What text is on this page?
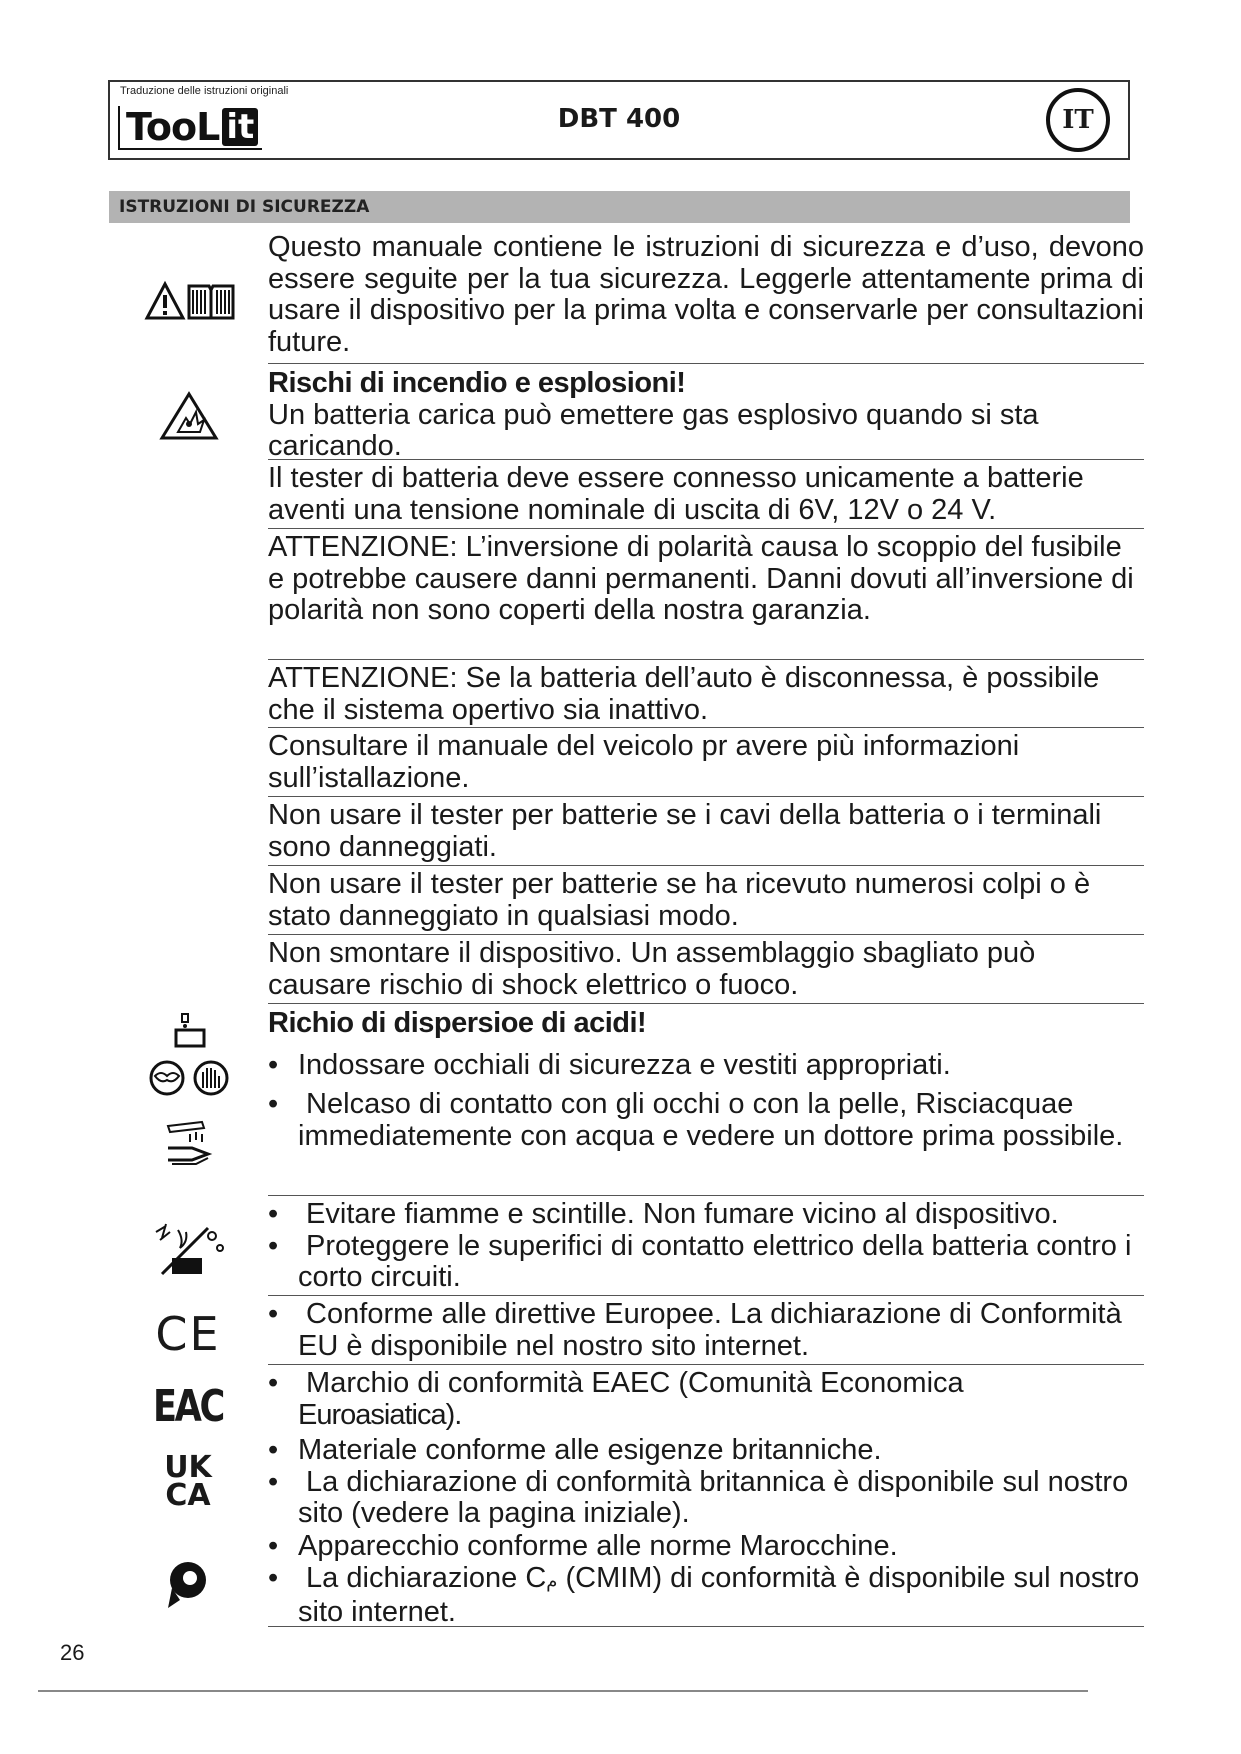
Traduzione delle istruzioni originali
TooL it	DBT 400	IT
ISTRUZIONI DI SICUREZZA
CE
EAC
UK
CA

Questo manuale contiene le istruzioni di sicurezza e d’uso, devono essere seguite per la tua sicurezza. Leggerle attentamente prima di usare il dispositivo per la prima volta e conservarle per consultazioni future.

Rischi di incendio e esplosioni!

Un batteria carica può emettere gas esplosivo quando si sta caricando.

Il tester di batteria deve essere connesso unicamente a batterie aventi una tensione nominale di uscita di 6V, 12V o 24 V.

ATTENZIONE: L’inversione di polarità causa lo scoppio del fusibile e potrebbe causere danni permanenti. Danni dovuti all’inversione di polarità non sono coperti della nostra garanzia.

ATTENZIONE: Se la batteria dell’auto è disconnessa, è possibile che il sistema opertivo sia inattivo.

Consultare il manuale del veicolo pr avere più informazioni sull’istallazione.

Non usare il tester per batterie se i cavi della batteria o i terminali sono danneggiati.

Non usare il tester per batterie se ha ricevuto numerosi colpi o è stato danneggiato in qualsiasi modo.

Non smontare il dispositivo. Un assemblaggio sbagliato può causare rischio di shock elettrico o fuoco.

Richio di dispersioe di acidi!

• Indossare occhiali di sicurezza e vestiti appropriati.

• Nelcaso di contatto con gli occhi o con la pelle, Risciacquae immediatemente con acqua e vedere un dottore prima possibile.

• Evitare fiamme e scintille. Non fumare vicino al dispositivo.

• Proteggere le superifici di contatto elettrico della batteria contro i corto circuiti.

• Conforme alle direttive Europee. La dichiarazione di Conformità EU è disponibile nel nostro sito internet.

• Marchio di conformità EAEC (Comunità Economica
Euroasiatica).

• Materiale conforme alle esigenze britanniche.

• La dichiarazione di conformità britannica è disponibile sul nostro sito (vedere la pagina iniziale).

• Apparecchio conforme alle norme Marocchine.

• La dichiarazione Cم (CMIM) di conformità è disponibile sul nostro sito internet.

26
